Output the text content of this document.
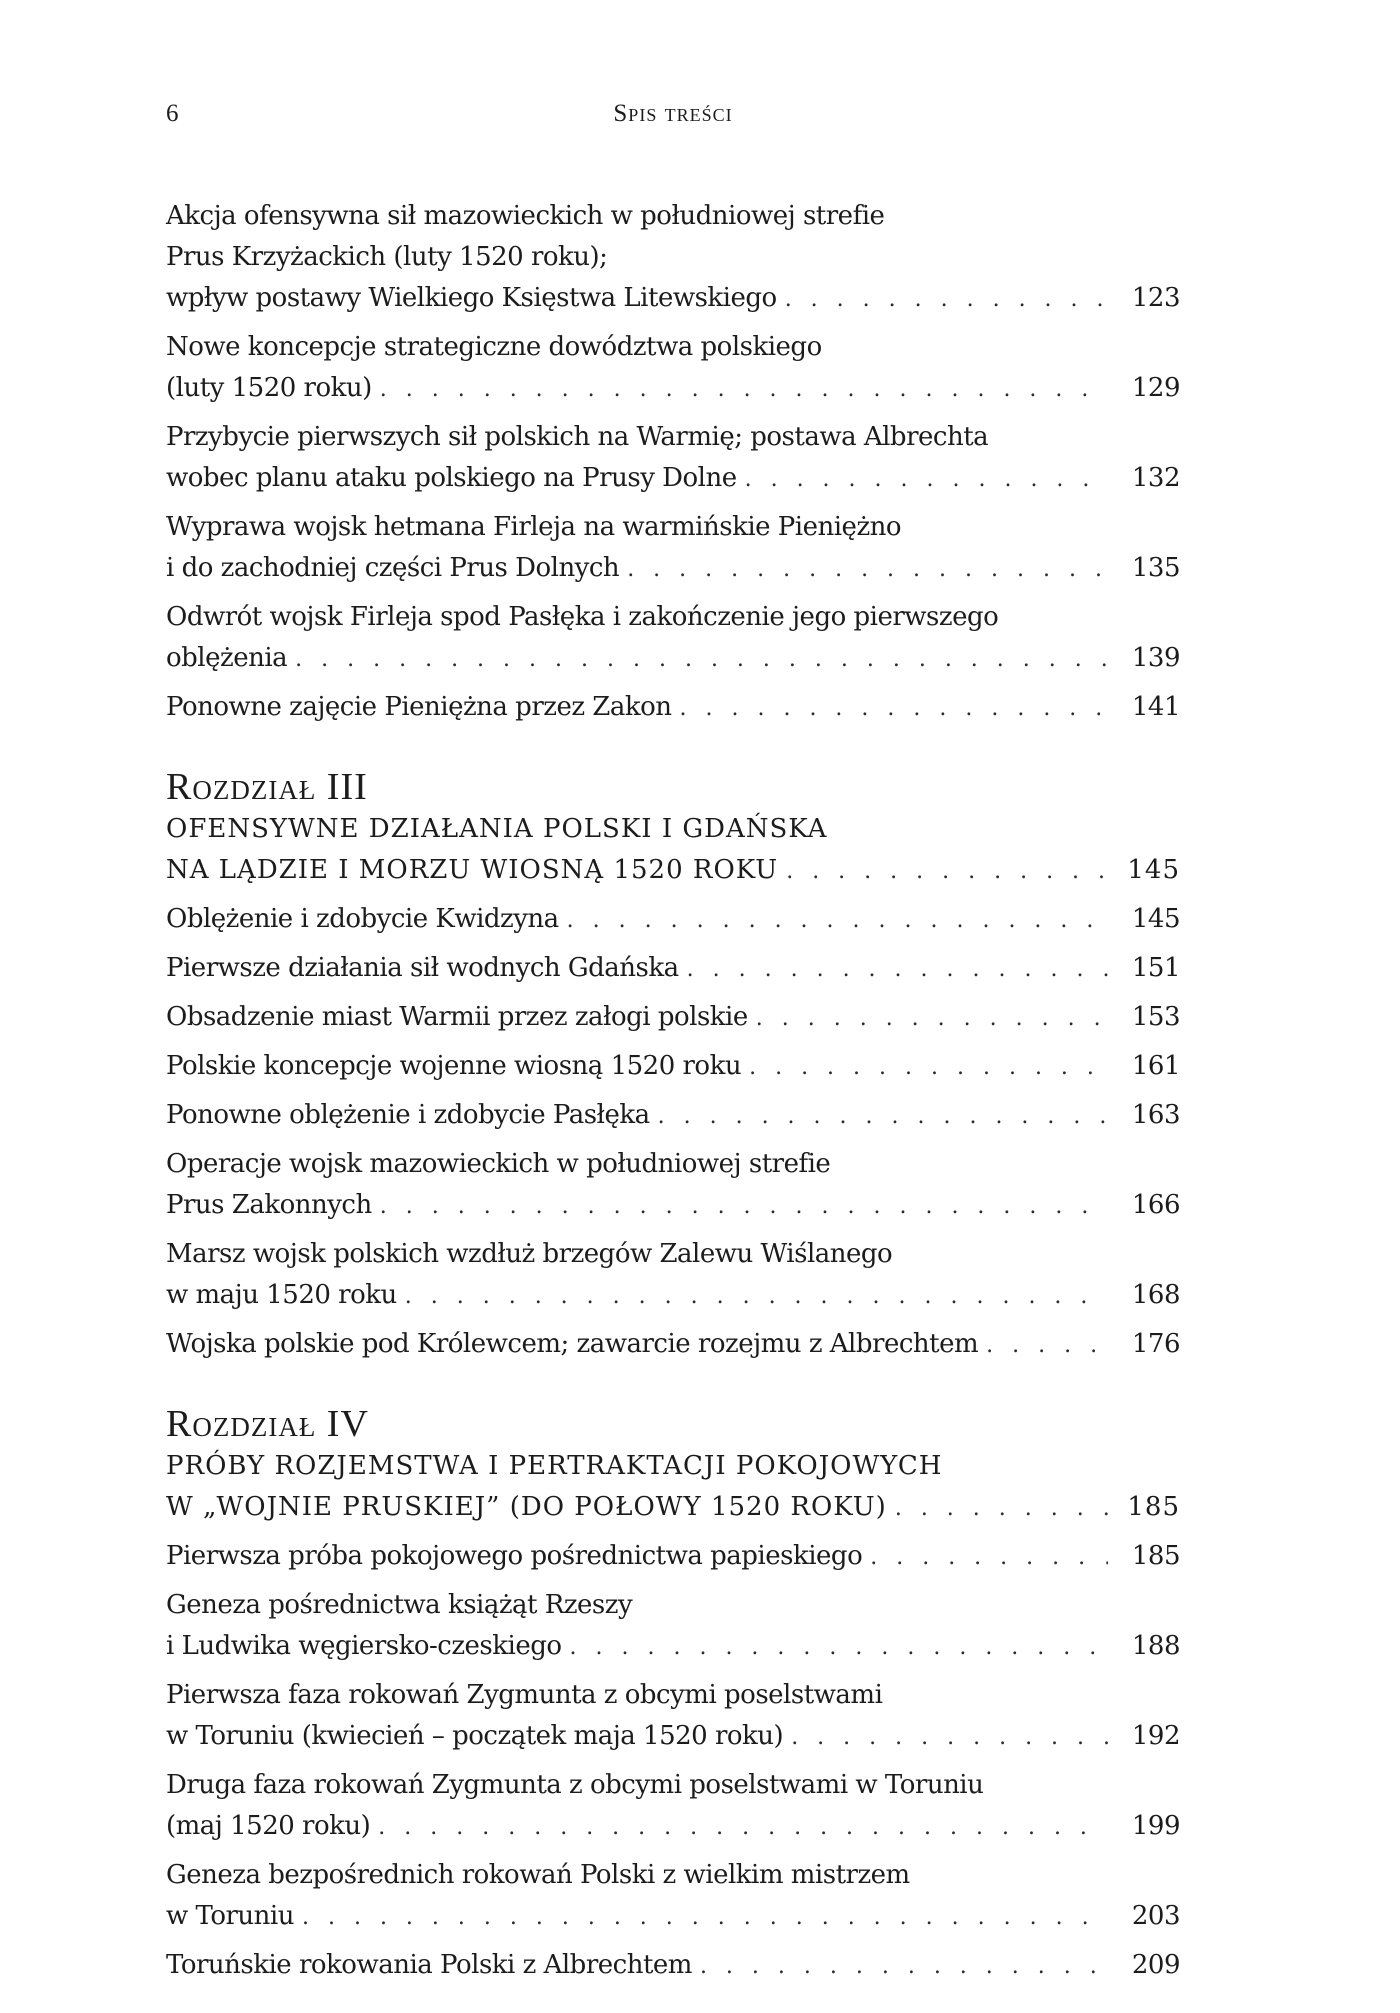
6	Spis treści
Akcja ofensywna sił mazowieckich w południowej strefie
Prus Krzyżackich (luty 1520 roku);
wpływ postawy Wielkiego Księstwa Litewskiego . . .	123
Nowe koncepcje strategiczne dowództwa polskiego
(luty 1520 roku) . . .	129
Przybycie pierwszych sił polskich na Warmię; postawa Albrechta
wobec planu ataku polskiego na Prusy Dolne . . .	132
Wyprawa wojsk hetmana Firleja na warmińskie Pieniężno
i do zachodniej części Prus Dolnych . . .	135
Odwrót wojsk Firleja spod Pasłęka i zakończenie jego pierwszego
oblężenia . . .	139
Ponowne zajęcie Pieniężna przez Zakon . . .	141
Rozdział III
OFENSYWNE DZIAŁANIA POLSKI I GDAŃSKA
NA LĄDZIE I MORZU WIOSNĄ 1520 ROKU . . .	145
Oblężenie i zdobycie Kwidzyna . . .	145
Pierwsze działania sił wodnych Gdańska . . .	151
Obsadzenie miast Warmii przez załogi polskie . . .	153
Polskie koncepcje wojenne wiosną 1520 roku . . .	161
Ponowne oblężenie i zdobycie Pasłęka . . .	163
Operacje wojsk mazowieckich w południowej strefie
Prus Zakonnych . . .	166
Marsz wojsk polskich wzdłuż brzegów Zalewu Wiślanego
w maju 1520 roku . . .	168
Wojska polskie pod Królewcem; zawarcie rozejmu z Albrechtem . . .	176
Rozdział IV
PRÓBY ROZJEMSTWA I PERTRAKTACJI POKOJOWYCH
W „WOJNIE PRUSKIEJ” (DO POŁOWY 1520 ROKU) . . .	185
Pierwsza próba pokojowego pośrednictwa papieskiego . . .	185
Geneza pośrednictwa książąt Rzeszy
i Ludwika węgiersko-czeskiego . . .	188
Pierwsza faza rokowań Zygmunta z obcymi poselstwami
w Toruniu (kwiecień – początek maja 1520 roku) . . .	192
Druga faza rokowań Zygmunta z obcymi poselstwami w Toruniu
(maj 1520 roku) . . .	199
Geneza bezpośrednich rokowań Polski z wielkim mistrzem
w Toruniu . . .	203
Toruńskie rokowania Polski z Albrechtem . . .	209
